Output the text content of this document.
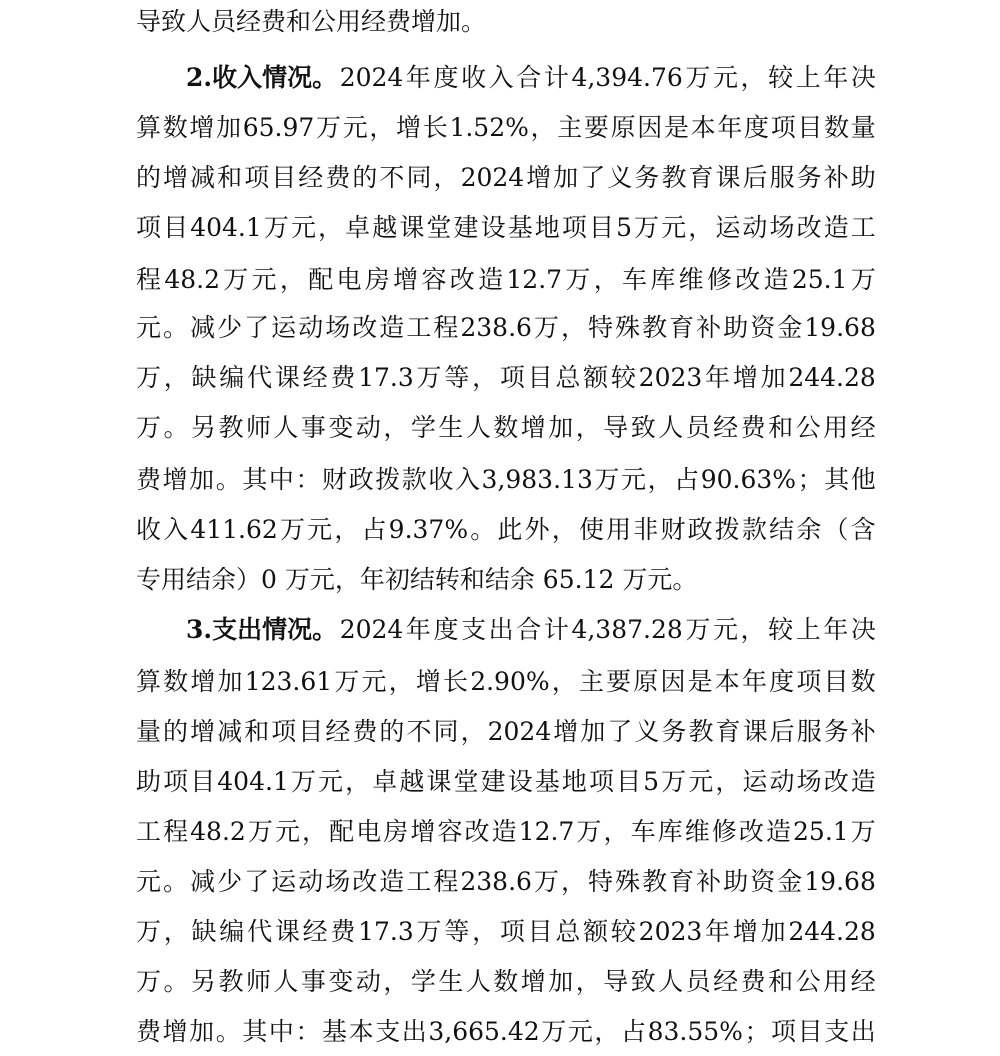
导致人员经费和公用经费增加。
2.收入情况。 2024 年 度 收 入 合 计 4,394.76 万 元 ， 较 上 年 决
算 数 增 加 65.97 万 元 ， 增 长 1.52% ， 主 要 原 因 是 本 年 度 项 目 数 量
的 增 减 和 项 目 经 费 的 不 同 ， 2024 增 加 了 义 务 教 育 课 后 服 务 补 助
项 目 404.1 万 元 ， 卓 越 课 堂 建 设 基 地 项 目 5 万 元 ， 运 动 场 改 造 工
程 48.2 万 元 ， 配 电 房 增 容 改 造 12.7 万 ， 车 库 维 修 改 造 25.1 万
元 。 减 少 了 运 动 场 改 造 工 程 238.6 万 ， 特 殊 教 育 补 助 资 金 19.68
万 ， 缺 编 代 课 经 费 17.3 万 等 ， 项 目 总 额 较 2023 年 增 加 244.28
万 。 另 教 师 人 事 变 动 ， 学 生 人 数 增 加 ， 导 致 人 员 经 费 和 公 用 经
费 增 加 。 其 中 ： 财 政 拨 款 收 入 3,983.13 万 元 ， 占 90.63% ； 其 他
收 入 411.62 万 元 ， 占 9.37% 。 此 外 ， 使 用 非 财 政 拨 款 结 余 （ 含
专用结余）0 万元，年初结转和结余 65.12 万元。
3.支出情况。 2024 年 度 支 出 合 计 4,387.28 万 元 ， 较 上 年 决
算 数 增 加 123.61 万 元 ， 增 长 2.90% ， 主 要 原 因 是 本 年 度 项 目 数
量 的 增 减 和 项 目 经 费 的 不 同 ， 2024 增 加 了 义 务 教 育 课 后 服 务 补
助 项 目 404.1 万 元 ， 卓 越 课 堂 建 设 基 地 项 目 5 万 元 ， 运 动 场 改 造
工 程 48.2 万 元 ， 配 电 房 增 容 改 造 12.7 万 ， 车 库 维 修 改 造 25.1 万
元 。 减 少 了 运 动 场 改 造 工 程 238.6 万 ， 特 殊 教 育 补 助 资 金 19.68
万 ， 缺 编 代 课 经 费 17.3 万 等 ， 项 目 总 额 较 2023 年 增 加 244.28
万 。 另 教 师 人 事 变 动 ， 学 生 人 数 增 加 ， 导 致 人 员 经 费 和 公 用 经
费 增 加 。 其 中 ： 基 本 支 出 3,665.42 万 元 ， 占 83.55% ； 项 目 支 出
